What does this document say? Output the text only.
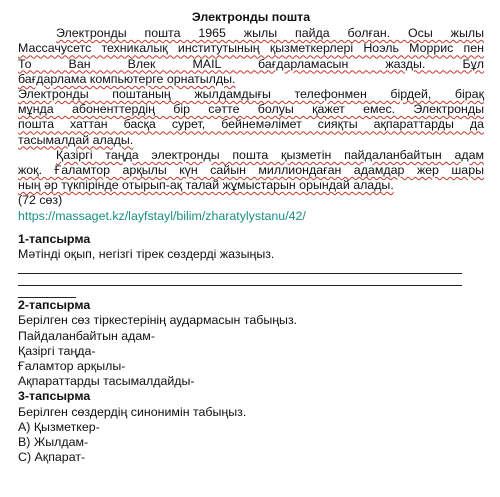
Электронды пошта
Электронды пошта 1965 жылы пайда болған. Осы жылы
Массачусетс техникалық институтының қызметкерлері Ноэль Моррис пен
То Ван Влек MAIL бағдарламасын жазды. Бұл
бағдарлама компьютерге орнатылды.
Электронды поштаның жылдамдығы телефонмен бірдей, бірақ
мұнда абоненттердің бір сәтте болуы қажет емес. Электронды
пошта хаттан басқа сурет, бейнемәлімет сияқты ақпараттарды да
тасымалдай алады.
Қазіргі таңда электронды пошта қызметін пайдаланбайтын адам
жоқ. Ғаламтор арқылы күн сайын миллиондаған адамдар жер шары
ның әр түкпірінде отырып-ақ талай жұмыстарын орындай алады.
(72 сөз)
https://massaget.kz/layfstayl/bilim/zharatylystanu/42/
1-тапсырма
Мәтінді оқып, негізгі тірек сөздерді жазыңыз.
2-тапсырма
Берілген сөз тіркестерінің аудармасын табыңыз.
Пайдаланбайтын адам-
Қазіргі таңда-
Ғаламтор арқылы-
Ақпараттарды тасымалдайды-
3-тапсырма
Берілген сөздердің синонимін табыңыз.
А) Қызметкер-
В) Жылдам-
С) Ақпарат-
